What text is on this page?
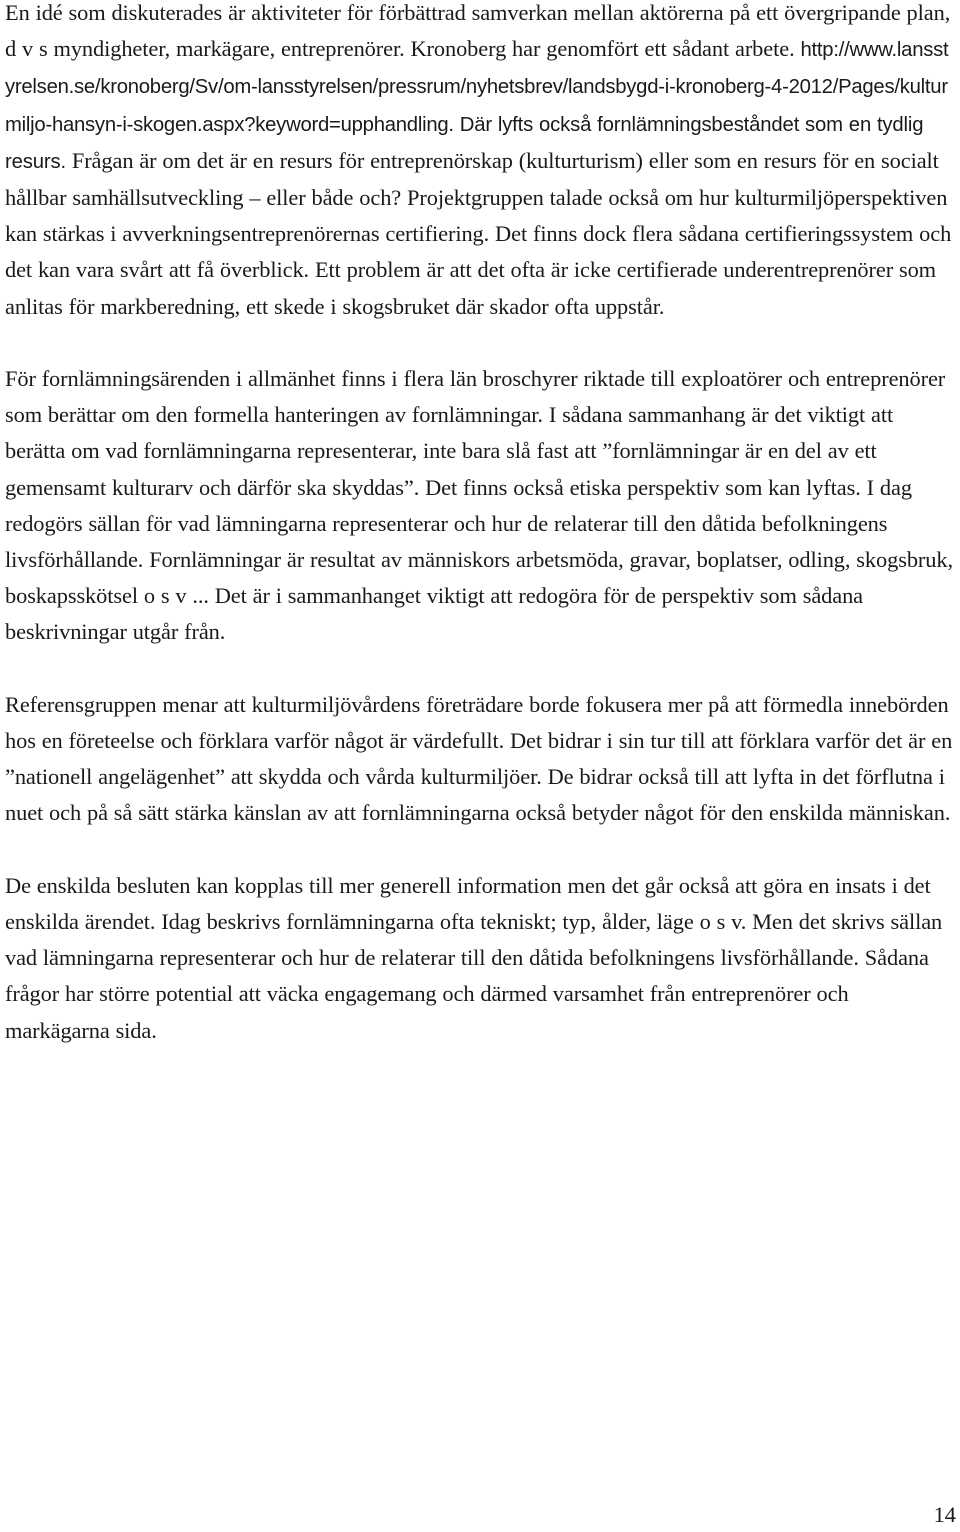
En idé som diskuterades är aktiviteter för förbättrad samverkan mellan aktörerna på ett övergripande plan, d v s myndigheter, markägare, entreprenörer. Kronoberg har genomfört ett sådant arbete. http://www.lansstyrelsen.se/kronoberg/Sv/om-lansstyrelsen/pressrum/nyhetsbrev/landsbygd-i-kronoberg-4-2012/Pages/kulturmiljo-hansyn-i-skogen.aspx?keyword=upphandling. Där lyfts också fornlämningsbeståndet som en tydlig resurs. Frågan är om det är en resurs för entreprenörskap (kulturturism) eller som en resurs för en socialt hållbar samhällsutveckling – eller både och? Projektgruppen talade också om hur kulturmiljöperspektiven kan stärkas i avverkningsentreprenörernas certifiering. Det finns dock flera sådana certifieringssystem och det kan vara svårt att få överblick. Ett problem är att det ofta är icke certifierade underentreprenörer som anlitas för markberedning, ett skede i skogsbruket där skador ofta uppstår.

För fornlämningsärenden i allmänhet finns i flera län broschyrer riktade till exploatörer och entreprenörer som berättar om den formella hanteringen av fornlämningar. I sådana sammanhang är det viktigt att berätta om vad fornlämningarna representerar, inte bara slå fast att ”fornlämningar är en del av ett gemensamt kulturarv och därför ska skyddas”. Det finns också etiska perspektiv som kan lyftas. I dag redogörs sällan för vad lämningarna representerar och hur de relaterar till den dåtida befolkningens livsförhållande. Fornlämningar är resultat av människors arbetsmöda, gravar, boplatser, odling, skogsbruk, boskapsskötsel o s v ... Det är i sammanhanget viktigt att redogöra för de perspektiv som sådana beskrivningar utgår från.

Referensgruppen menar att kulturmiljövårdens företrädare borde fokusera mer på att förmedla innebörden hos en företeelse och förklara varför något är värdefullt. Det bidrar i sin tur till att förklara varför det är en ”nationell angelägenhet” att skydda och vårda kulturmiljöer. De bidrar också till att lyfta in det förflutna i nuet och på så sätt stärka känslan av att fornlämningarna också betyder något för den enskilda människan.

De enskilda besluten kan kopplas till mer generell information men det går också att göra en insats i det enskilda ärendet. Idag beskrivs fornlämningarna ofta tekniskt; typ, ålder, läge o s v. Men det skrivs sällan vad lämningarna representerar och hur de relaterar till den dåtida befolkningens livsförhållande. Sådana frågor har större potential att väcka engagemang och därmed varsamhet från entreprenörer och markägarna sida.

14
